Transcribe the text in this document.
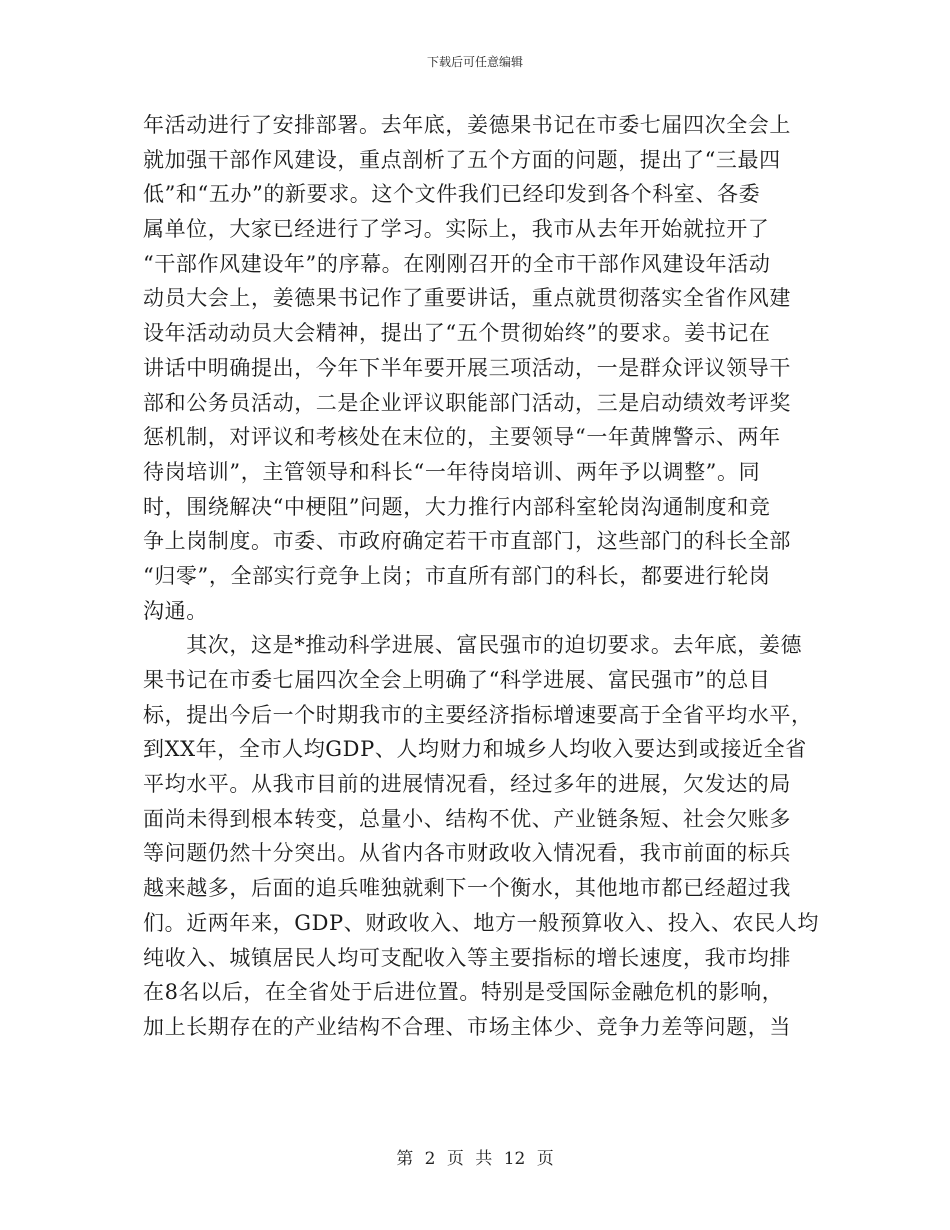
下载后可任意编辑
年活动进行了安排部署。去年底，姜德果书记在市委七届四次全会上
就加强干部作风建设，重点剖析了五个方面的问题，提出了“三最四
低”和“五办”的新要求。这个文件我们已经印发到各个科室、各委
属单位，大家已经进行了学习。实际上，我市从去年开始就拉开了
“干部作风建设年”的序幕。在刚刚召开的全市干部作风建设年活动
动员大会上，姜德果书记作了重要讲话，重点就贯彻落实全省作风建
设年活动动员大会精神，提出了“五个贯彻始终”的要求。姜书记在
讲话中明确提出，今年下半年要开展三项活动，一是群众评议领导干
部和公务员活动，二是企业评议职能部门活动，三是启动绩效考评奖
惩机制，对评议和考核处在末位的，主要领导“一年黄牌警示、两年
待岗培训”，主管领导和科长“一年待岗培训、两年予以调整”。同
时，围绕解决“中梗阻”问题，大力推行内部科室轮岗沟通制度和竞
争上岗制度。市委、市政府确定若干市直部门，这些部门的科长全部
“归零”，全部实行竞争上岗；市直所有部门的科长，都要进行轮岗
沟通。
　　其次，这是*推动科学进展、富民强市的迫切要求。去年底，姜德
果书记在市委七届四次全会上明确了“科学进展、富民强市”的总目
标，提出今后一个时期我市的主要经济指标增速要高于全省平均水平，
到XX年，全市人均GDP、人均财力和城乡人均收入要达到或接近全省
平均水平。从我市目前的进展情况看，经过多年的进展，欠发达的局
面尚未得到根本转变，总量小、结构不优、产业链条短、社会欠账多
等问题仍然十分突出。从省内各市财政收入情况看，我市前面的标兵
越来越多，后面的追兵唯独就剩下一个衡水，其他地市都已经超过我
们。近两年来，GDP、财政收入、地方一般预算收入、投入、农民人均
纯收入、城镇居民人均可支配收入等主要指标的增长速度，我市均排
在8名以后，在全省处于后进位置。特别是受国际金融危机的影响，
加上长期存在的产业结构不合理、市场主体少、竞争力差等问题，当
第 2 页 共 12 页
